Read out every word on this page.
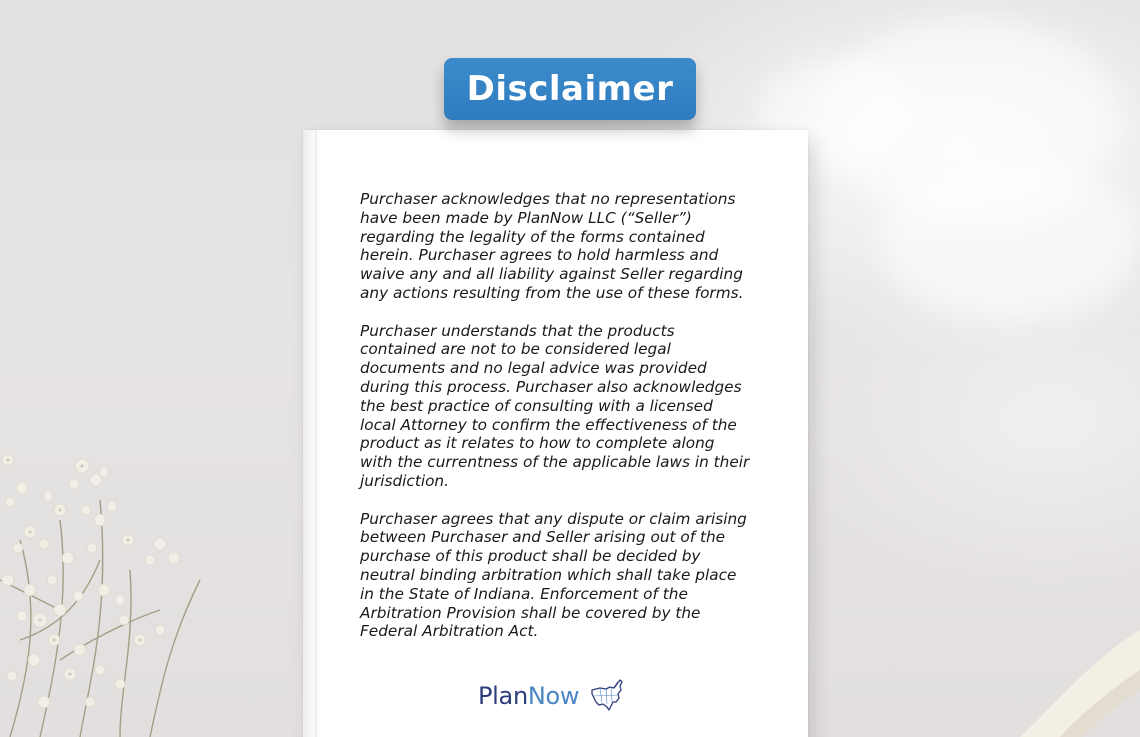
Disclaimer

Purchaser acknowledges that no representations
have been made by PlanNow LLC (“Seller”)
regarding the legality of the forms contained
herein. Purchaser agrees to hold harmless and
waive any and all liability against Seller regarding
any actions resulting from the use of these forms.

Purchaser understands that the products
contained are not to be considered legal
documents and no legal advice was provided
during this process. Purchaser also acknowledges
the best practice of consulting with a licensed
local Attorney to confirm the effectiveness of the
product as it relates to how to complete along
with the currentness of the applicable laws in their
jurisdiction.

Purchaser agrees that any dispute or claim arising
between Purchaser and Seller arising out of the
purchase of this product shall be decided by
neutral binding arbitration which shall take place
in the State of Indiana. Enforcement of the
Arbitration Provision shall be covered by the
Federal Arbitration Act.

PlanNow
